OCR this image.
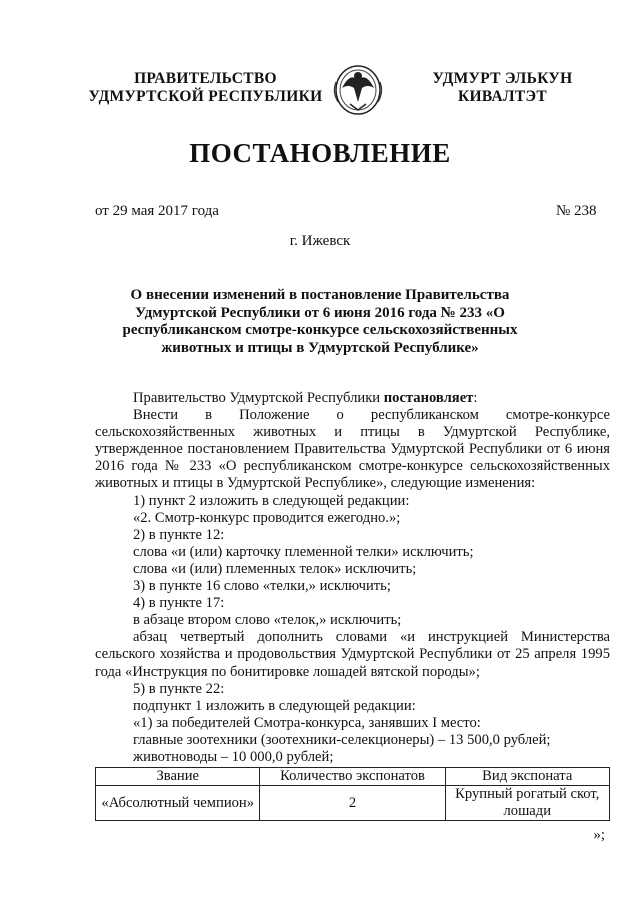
ПРАВИТЕЛЬСТВО
УДМУРТСКОЙ РЕСПУБЛИКИ
УДМУРТ ЭЛЬКУН
КИВАЛТЭТ
ПОСТАНОВЛЕНИЕ
от 29 мая 2017 года	№ 238
г. Ижевск
О внесении изменений в постановление Правительства Удмуртской Республики от 6 июня 2016 года № 233 «О республиканском смотре-конкурсе сельскохозяйственных животных и птицы в Удмуртской Республике»

Правительство Удмуртской Республики постановляет:

Внести в Положение о республиканском смотре-конкурсе

сельскохозяйственных животных и птицы в Удмуртской Республике, утвержденное постановлением Правительства Удмуртской Республики от 6 июня 2016 года № 233 «О республиканском смотре-конкурсе сельскохозяйственных животных и птицы в Удмуртской Республике», следующие изменения:

1) пункт 2 изложить в следующей редакции:

«2. Смотр-конкурс проводится ежегодно.»;

2) в пункте 12:

слова «и (или) карточку племенной телки» исключить;

слова «и (или) племенных телок» исключить;

3) в пункте 16 слово «телки,» исключить;

4) в пункте 17:

в абзаце втором слово «телок,» исключить;

абзац четвертый дополнить словами «и инструкцией Министерства

сельского хозяйства и продовольствия Удмуртской Республики от 25 апреля 1995 года «Инструкция по бонитировке лошадей вятской породы»;

5) в пункте 22:

подпункт 1 изложить в следующей редакции:

«1) за победителей Смотра-конкурса, занявших I место:

главные зоотехники (зоотехники-селекционеры) – 13 500,0 рублей;

животноводы – 10 000,0 рублей;

Звание	Количество экспонатов	Вид экспоната
«Абсолютный чемпион»	2	Крупный рогатый скот, лошади
»;
